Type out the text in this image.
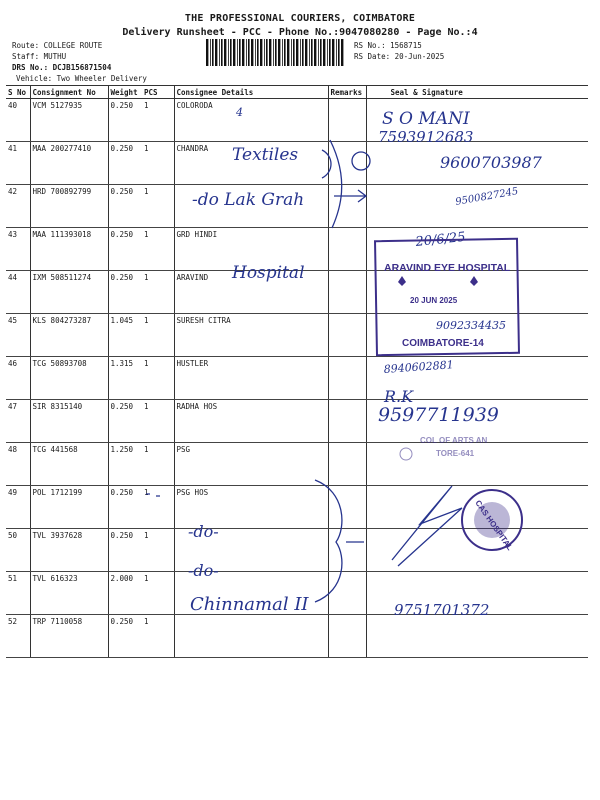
THE PROFESSIONAL COURIERS, COIMBATORE
Delivery Runsheet - PCC - Phone No.:9047080280 - Page No.:4
Route: COLLEGE ROUTE
Staff: MUTHU
DRS No.: DCJB156871504
Vehicle: Two Wheeler Delivery
RS No.: 1568715
RS Date: 20-Jun-2025
S No	Consignment No	Weight	PCS	Consignee Details	Remarks	Seal & Signature
40	VCM 5127935	0.250	1	COLORODA		
41	MAA 200277410	0.250	1	CHANDRA		
42	HRD 700892799	0.250	1			
43	MAA 111393018	0.250	1	GRD HINDI		
44	IXM 508511274	0.250	1	ARAVIND		
45	KLS 804273287	1.045	1	SURESH CITRA		
46	TCG 50893708	1.315	1	HUSTLER		
47	SIR 8315140	0.250	1	RADHA HOS		
48	TCG 441568	1.250	1	PSG		
49	POL 1712199	0.250	1	PSG HOS		
50	TVL 3937628	0.250	1			
51	TVL 616323	2.000	1			
52	TRP 7110058	0.250	1			
4	S O MANI
7593912683
Textiles	9600703987
-do Lak Grah	9500827245
20/6/25
Hospital
9092334435
8940602881
R.K
9597711939
-do-
-do-
Chinnamal II	9751701372
ARAVIND EYE HOSPITAL
20 JUN 2025
COIMBATORE-14
COL OF ARTS AN
TORE-641
CAS HOSPITAL
